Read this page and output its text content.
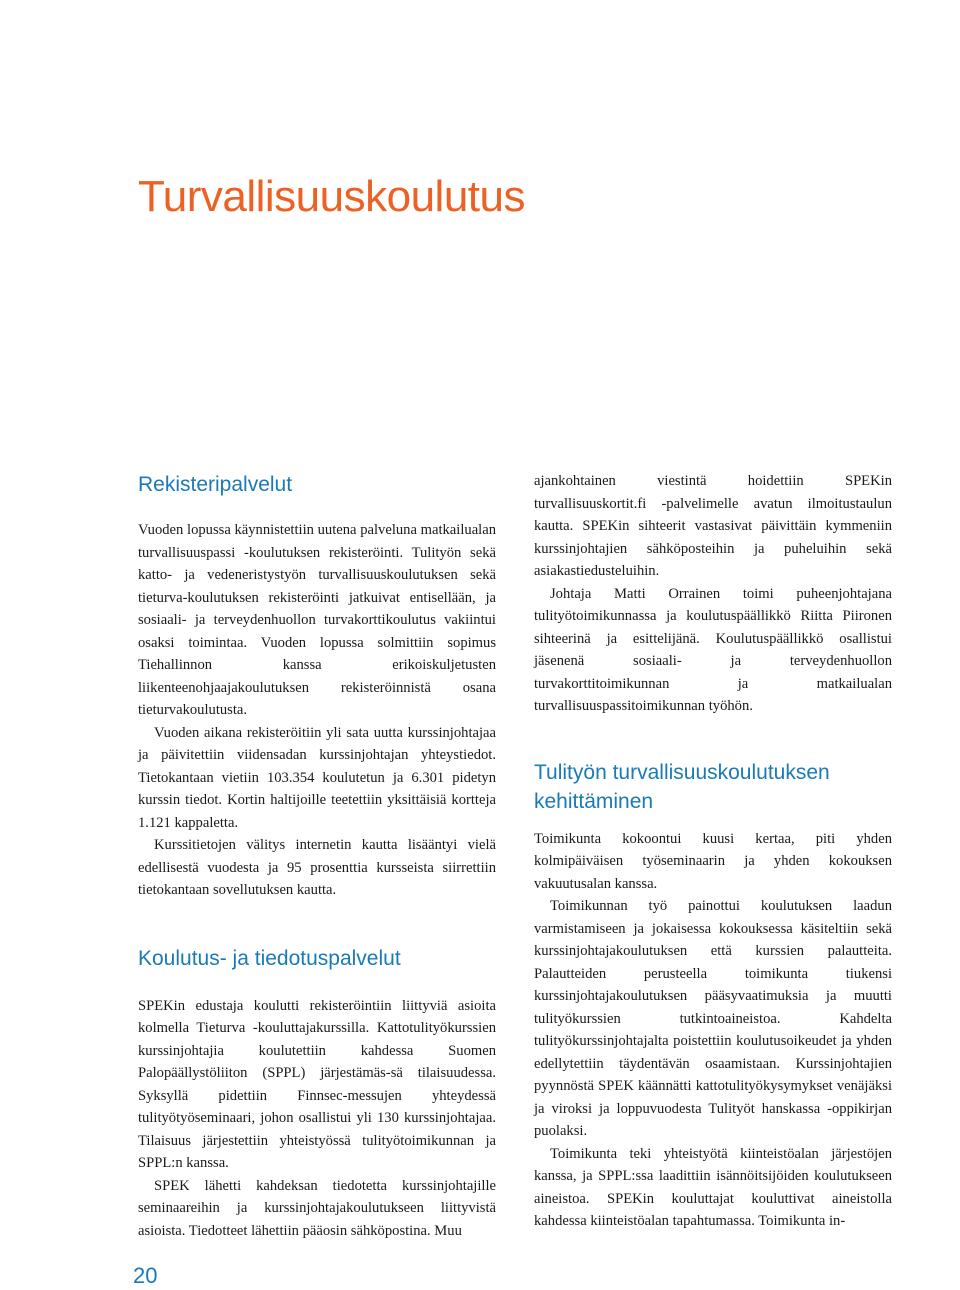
Turvallisuuskoulutus
Rekisteripalvelut

Vuoden lopussa käynnistettiin uutena palveluna matkailualan turvallisuuspassi -koulutuksen rekisteröinti. Tulityön sekä katto- ja vedeneristystyön turvallisuuskoulutuksen sekä tieturva-koulutuksen rekisteröinti jatkuivat entisellään, ja sosiaali- ja terveydenhuollon turvakorttikoulutus vakiintui osaksi toimintaa. Vuoden lopussa solmittiin sopimus Tiehallinnon kanssa erikoiskuljetusten liikenteenohjaajakoulutuksen rekisteröinnistä osana tieturvakoulutusta.

Vuoden aikana rekisteröitiin yli sata uutta kurssinjohtajaa ja päivitettiin viidensadan kurssinjohtajan yhteystiedot. Tietokantaan vietiin 103.354 koulutetun ja 6.301 pidetyn kurssin tiedot. Kortin haltijoille teetettiin yksittäisiä kortteja 1.121 kappaletta.

Kurssitietojen välitys internetin kautta lisääntyi vielä edellisestä vuodesta ja 95 prosenttia kursseista siirrettiin tietokantaan sovellutuksen kautta.

Koulutus- ja tiedotuspalvelut

SPEKin edustaja koulutti rekisteröintiin liittyviä asioita kolmella Tieturva -kouluttajakurssilla. Kattotulityökurssien kurssinjohtajia koulutettiin kahdessa Suomen Palopäällystöliiton (SPPL) järjestämäs-sä tilaisuudessa. Syksyllä pidettiin Finnsec-messujen yhteydessä tulityötyöseminaari, johon osallistui yli 130 kurssinjohtajaa. Tilaisuus järjestettiin yhteistyössä tulityötoimikunnan ja SPPL:n kanssa.

SPEK lähetti kahdeksan tiedotetta kurssinjohtajille seminaareihin ja kurssinjohtajakoulutukseen liittyvistä asioista. Tiedotteet lähettiin pääosin sähköpostina. Muu

ajankohtainen viestintä hoidettiin SPEKin turvallisuuskortit.fi -palvelimelle avatun ilmoitustaulun kautta. SPEKin sihteerit vastasivat päivittäin kymmeniin kurssinjohtajien sähköposteihin ja puheluihin sekä asiakastiedusteluihin.

Johtaja Matti Orrainen toimi puheenjohtajana tulityötoimikunnassa ja koulutuspäällikkö Riitta Piironen sihteerinä ja esittelijänä. Koulutuspäällikkö osallistui jäsenenä sosiaali- ja terveydenhuollon turvakorttitoimikunnan ja matkailualan turvallisuuspassitoimikunnan työhön.

Tulityön turvallisuuskoulutuksen kehittäminen

Toimikunta kokoontui kuusi kertaa, piti yhden kolmipäiväisen työseminaarin ja yhden kokouksen vakuutusalan kanssa.

Toimikunnan työ painottui koulutuksen laadun varmistamiseen ja jokaisessa kokouksessa käsiteltiin sekä kurssinjohtajakoulutuksen että kurssien palautteita. Palautteiden perusteella toimikunta tiukensi kurssinjohtajakoulutuksen pääsyvaatimuksia ja muutti tulityökurssien tutkintoaineistoa. Kahdelta tulityökurssinjohtajalta poistettiin koulutusoikeudet ja yhden edellytettiin täydentävän osaamistaan. Kurssinjohtajien pyynnöstä SPEK käännätti kattotulityökysymykset venäjäksi ja viroksi ja loppuvuodesta Tulityöt hanskassa -oppikirjan puolaksi.

Toimikunta teki yhteistyötä kiinteistöalan järjestöjen kanssa, ja SPPL:ssa laadittiin isännöitsijöiden koulutukseen aineistoa. SPEKin kouluttajat kouluttivat aineistolla kahdessa kiinteistöalan tapahtumassa. Toimikunta in-

20
